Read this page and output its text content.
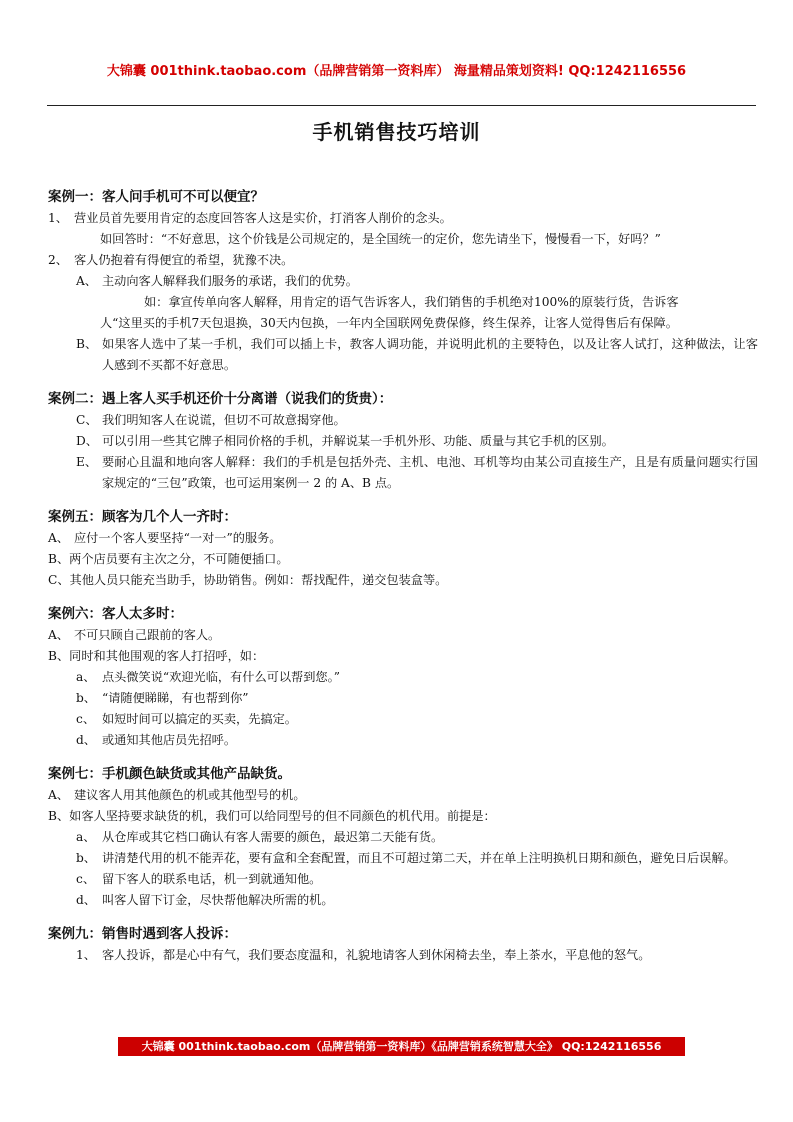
大锦囊 001think.taobao.com（品牌营销第一资料库） 海量精品策划资料! QQ:1242116556
手机销售技巧培训
案例一：客人问手机可不可以便宜？
1、 营业员首先要用肯定的态度回答客人这是实价，打消客人削价的念头。
如回答时：“不好意思，这个价钱是公司规定的，是全国统一的定价，您先请坐下，慢慢看一下，好吗？”
2、 客人仍抱着有得便宜的希望，犹豫不决。
A、 主动向客人解释我们服务的承诺，我们的优势。
如：拿宣传单向客人解释，用肯定的语气告诉客人，我们销售的手机绝对100%的原装行货，告诉客
人“这里买的手机7天包退换，30天内包换，一年内全国联网免费保修，终生保养，让客人觉得售后有保障。
B、 如果客人选中了某一手机，我们可以插上卡，教客人调功能，并说明此机的主要特色，以及让客人试打，这种做法，让客人感到不买都不好意思。
案例二：遇上客人买手机还价十分离谱（说我们的货贵）：
C、 我们明知客人在说谎，但切不可故意揭穿他。
D、 可以引用一些其它牌子相同价格的手机，并解说某一手机外形、功能、质量与其它手机的区别。
E、 要耐心且温和地向客人解释：我们的手机是包括外壳、主机、电池、耳机等均由某公司直接生产，且是有质量问题实行国家规定的“三包”政策，也可运用案例一 2 的 A、B 点。
案例五：顾客为几个人一齐时：
A、 应付一个客人要坚持“一对一”的服务。
B、 两个店员要有主次之分，不可随便插口。
C、 其他人员只能充当助手，协助销售。例如：帮找配件，递交包装盒等。
案例六：客人太多时：
A、 不可只顾自己跟前的客人。
B、 同时和其他围观的客人打招呼，如：
a、 点头微笑说“欢迎光临，有什么可以帮到您。”
b、 “请随便睇睇，有也帮到你”
c、 如短时间可以搞定的买卖，先搞定。
d、 或通知其他店员先招呼。
案例七：手机颜色缺货或其他产品缺货。
A、 建议客人用其他颜色的机或其他型号的机。
B、 如客人坚持要求缺货的机，我们可以给同型号的但不同颜色的机代用。前提是：
a、 从仓库或其它档口确认有客人需要的颜色，最迟第二天能有货。
b、 讲清楚代用的机不能弄花，要有盒和全套配置，而且不可超过第二天，并在单上注明换机日期和颜色，避免日后误解。
c、 留下客人的联系电话，机一到就通知他。
d、 叫客人留下订金，尽快帮他解决所需的机。
案例九：销售时遇到客人投诉：
1、 客人投诉，都是心中有气，我们要态度温和，礼貌地请客人到休闲椅去坐，奉上茶水，平息他的怒气。
大锦囊 001think.taobao.com（品牌营销第一资料库）《品牌营销系统智慧大全》 QQ:1242116556
